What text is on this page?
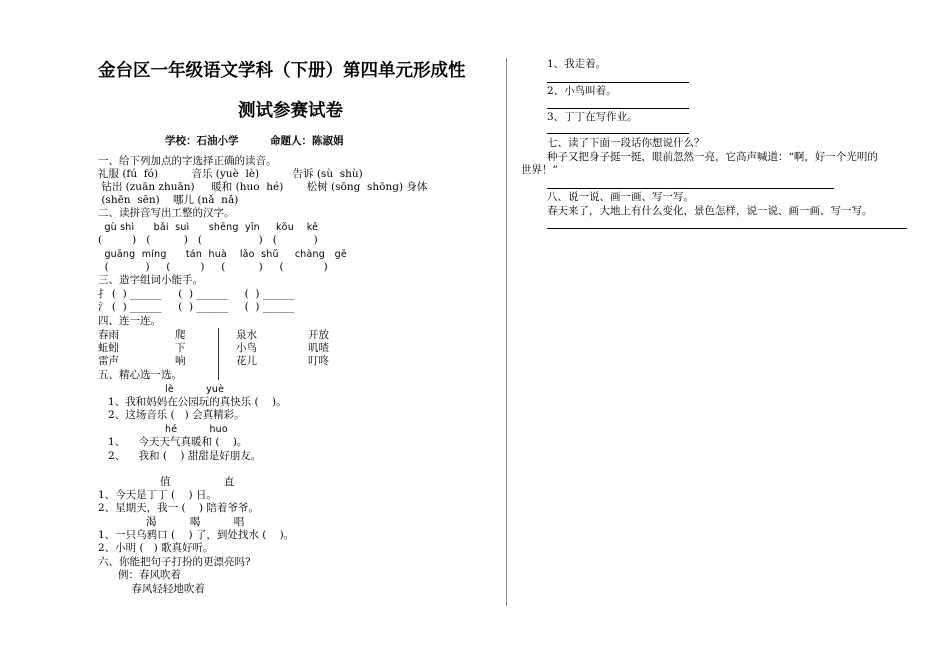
金台区一年级语文学科（下册）第四单元形成性
测试参赛试卷
学校：石油小学　　　命题人：陈淑娟
一、给下列加点的字选择正确的读音。
礼服 (fú  fó)          音乐 (yuè  lè)          告诉 (sù  shù)
钻出 (zuān zhuān)     暖和 (huo  hé)       松树 (sōng  shōng) 身体
(shēn  sēn)    哪儿 (nǎ  nǎ)
二、读拼音写出工整的汉字。
gù shì      bǎi  suì      shēng  yīn     kǒu    kě
(         )   (          )   (                 )   (           )
guāng  míng      tán  huà    lǎo  shǔ     chàng   gē
(           )     (         )     (          )     (            )
三、造字组词小能手。
扌 (  ) ______     (  ) ______     (  ) ______
氵 (  ) ______     (  ) ______     (  ) ______
四、连一连。
春雨
蚯蚓
雷声
爬
下
响
泉水
小鸟
花儿
开放
叽喳
叮咚
五、精心选一选。
lè          yuè
1、我和妈妈在公园玩的真快乐 (    )。
2、这场音乐 (   ) 会真精彩。
hé          huo
1、    今天天气真暖和 (    )。
2、    我和 (    ) 甜甜是好朋友。
值                直
1、今天是丁丁 (    ) 日。
2、星期天，我一 (    ) 陪着爷爷。
渴          喝          唱
1、一只乌鸦口 (    ) 了，到处找水 (    )。
2、小明 (   ) 歌真好听。
六、你能把句子打扮的更漂亮吗?
例：春风吹着
春风轻轻地吹着
1、我走着。
2、小鸟叫着。
3、丁丁在写作业。
七、读了下面一段话你想说什么？
种子又把身子挺一挺，眼前忽然一亮，它高声喊道：“啊，好一个光明的
世界！”
八、说一说、画一画、写一写。
春天来了，大地上有什么变化，景色怎样，说一说、画一画、写一写。
